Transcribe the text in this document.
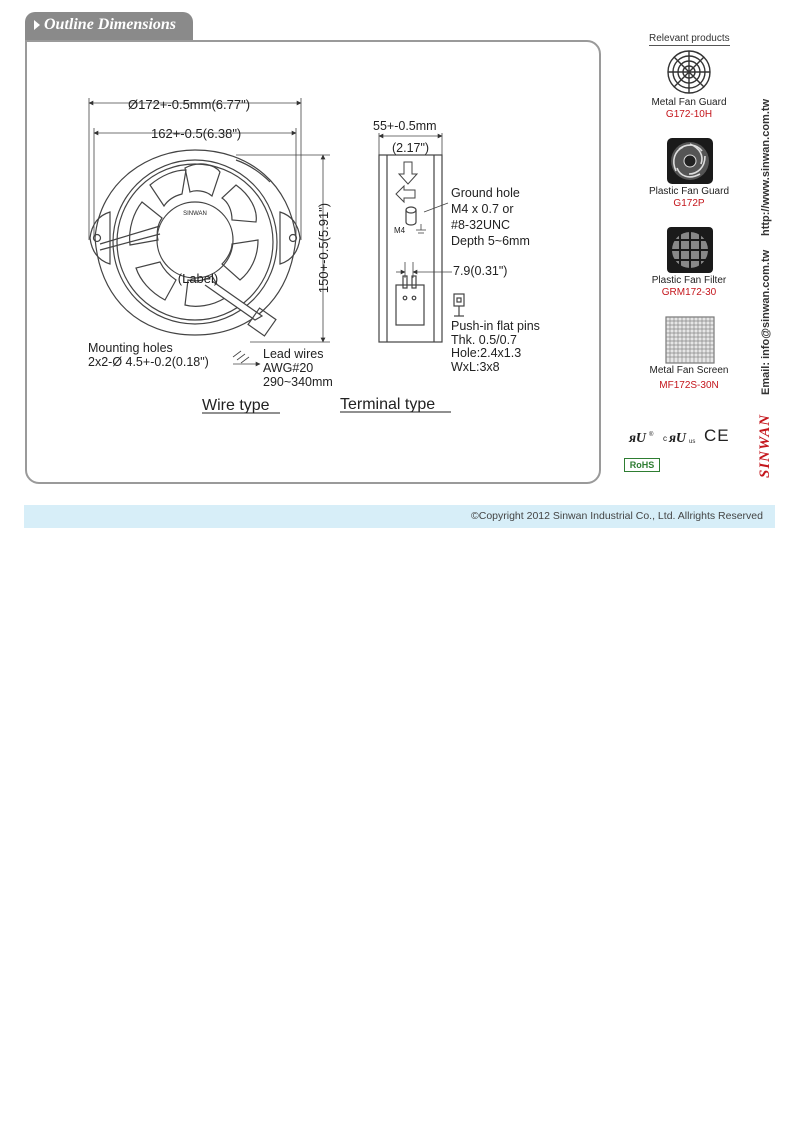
Outline Dimensions
SINWAN
(Label)
Ø172+-0.5mm(6.77")
162+-0.5(6.38")
150+-0.5(5.91")
Mounting holes
2x2-Ø 4.5+-0.2(0.18")
Lead wires
AWG#20
290~340mm
Wire type
55+-0.5mm
(2.17")
Ground hole
M4 x 0.7 or
#8-32UNC
Depth 5~6mm
M4
7.9(0.31")
Push-in flat pins
Thk. 0.5/0.7
Hole:2.4x1.3
WxL:3x8
Terminal type
Relevant products
Metal Fan Guard
G172-10H
Plastic Fan Guard
G172P
Plastic Fan Filter
GRM172-30
Metal Fan Screen
MF172S-30N
ᴙU ® c ᴙU us CE
RoHS
http://www.sinwan.com.tw
Email: info@sinwan.com.tw
SINWAN
©Copyright 2012 Sinwan Industrial Co., Ltd. Allrights Reserved
